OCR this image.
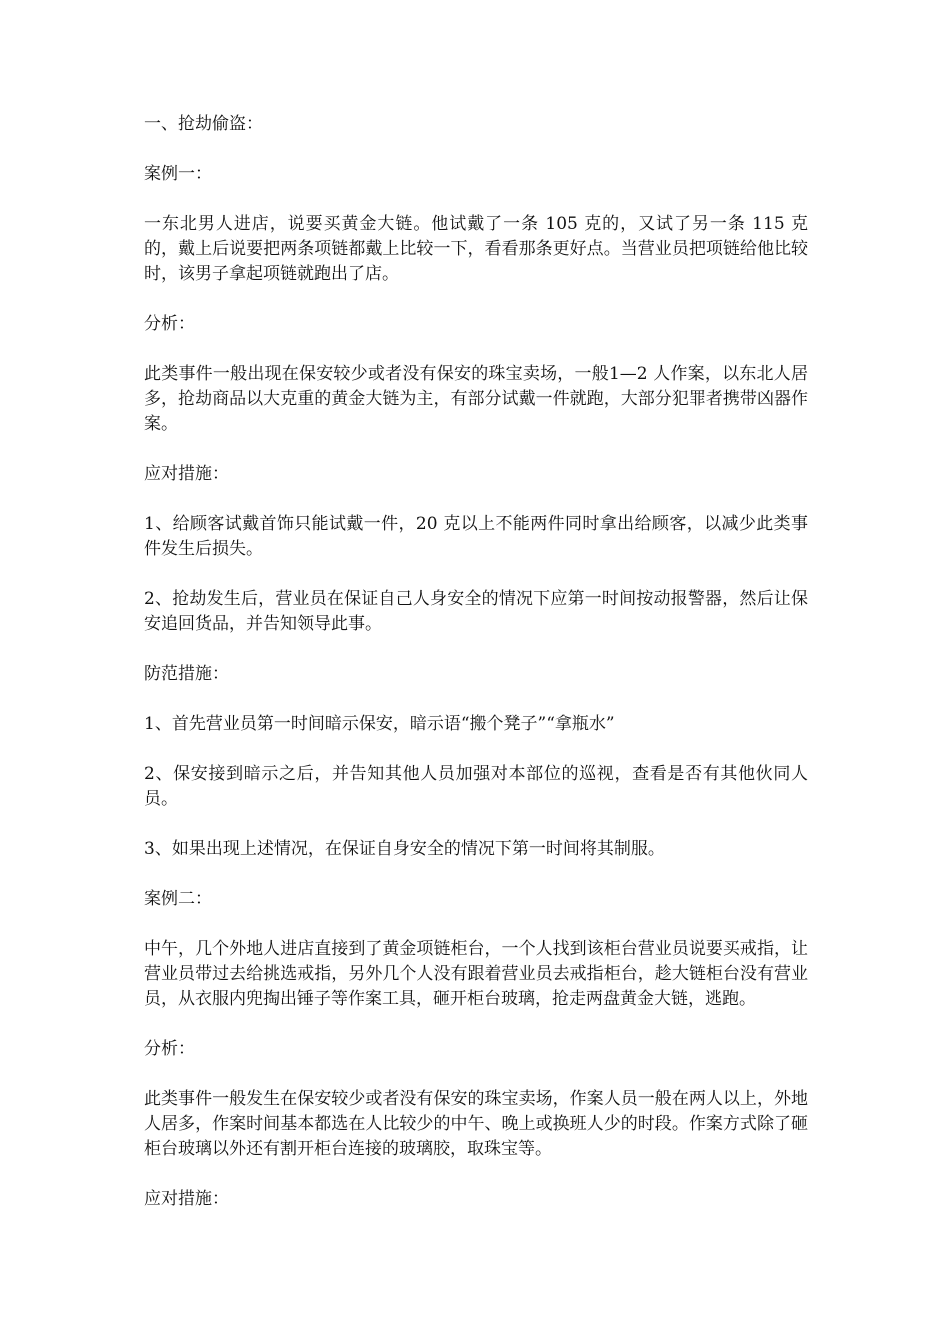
一、抢劫偷盗：

案例一：

一东北男人进店，说要买黄金大链。他试戴了一条 105 克的，又试了另一条 115 克的，戴上后说要把两条项链都戴上比较一下，看看那条更好点。当营业员把项链给他比较时，该男子拿起项链就跑出了店。

分析：

此类事件一般出现在保安较少或者没有保安的珠宝卖场，一般1—2 人作案，以东北人居多，抢劫商品以大克重的黄金大链为主，有部分试戴一件就跑，大部分犯罪者携带凶器作案。

应对措施：

1、给顾客试戴首饰只能试戴一件，20 克以上不能两件同时拿出给顾客，以减少此类事件发生后损失。

2、抢劫发生后，营业员在保证自己人身安全的情况下应第一时间按动报警器，然后让保安追回货品，并告知领导此事。

防范措施：

1、首先营业员第一时间暗示保安，暗示语“搬个凳子”“拿瓶水”

2、保安接到暗示之后，并告知其他人员加强对本部位的巡视，查看是否有其他伙同人员。

3、如果出现上述情况，在保证自身安全的情况下第一时间将其制服。

案例二：

中午，几个外地人进店直接到了黄金项链柜台，一个人找到该柜台营业员说要买戒指，让营业员带过去给挑选戒指，另外几个人没有跟着营业员去戒指柜台，趁大链柜台没有营业员，从衣服内兜掏出锤子等作案工具，砸开柜台玻璃，抢走两盘黄金大链，逃跑。

分析：

此类事件一般发生在保安较少或者没有保安的珠宝卖场，作案人员一般在两人以上，外地人居多，作案时间基本都选在人比较少的中午、晚上或换班人少的时段。作案方式除了砸柜台玻璃以外还有割开柜台连接的玻璃胶，取珠宝等。

应对措施：
